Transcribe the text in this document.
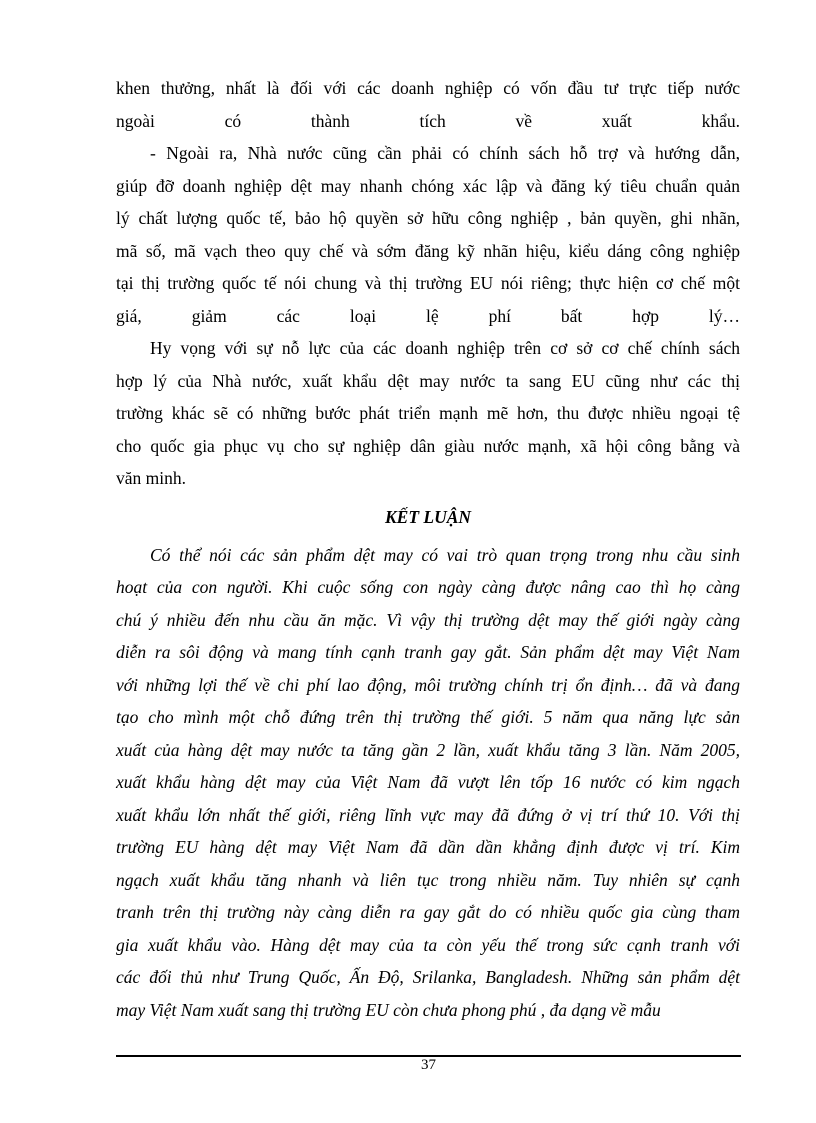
khen thưởng, nhất là đối với các doanh nghiệp có vốn đầu tư trực tiếp nước
ngoài có thành tích về xuất khẩu.
- Ngoài ra, Nhà nước cũng cần phải có chính sách hỗ trợ và hướng dẫn,
giúp đỡ doanh nghiệp dệt may nhanh chóng xác lập và đăng ký tiêu chuẩn quản
lý chất lượng quốc tế, bảo hộ quyền sở hữu công nghiệp , bản quyền, ghi nhãn,
mã số, mã vạch theo quy chế và sớm đăng kỹ nhãn hiệu, kiểu dáng công nghiệp
tại thị trường quốc tế nói chung và thị trường EU nói riêng; thực hiện cơ chế một
giá, giảm các loại lệ phí bất hợp lý…
Hy vọng với sự nỗ lực của các doanh nghiệp trên cơ sở cơ chế chính sách
hợp lý của Nhà nước, xuất khẩu dệt may nước ta sang EU cũng như các thị
trường khác sẽ có những bước phát triển mạnh mẽ hơn, thu được nhiều ngoại tệ
cho quốc gia phục vụ cho sự nghiệp dân giàu nước mạnh, xã hội công bằng và
văn minh.
KẾT LUẬN
Có thể nói các sản phẩm dệt may có vai trò quan trọng trong nhu cầu sinh
hoạt của con người. Khi cuộc sống con ngày càng được nâng cao thì họ càng
chú ý nhiều đến nhu cầu ăn mặc. Vì vậy thị trường dệt may thế giới ngày càng
diễn ra sôi động và mang tính cạnh tranh gay gắt. Sản phẩm dệt may Việt Nam
với những lợi thế về chi phí lao động, môi trường chính trị ổn định… đã và đang
tạo cho mình một chỗ đứng trên thị trường thế giới. 5 năm qua năng lực sản
xuất của hàng dệt may nước ta tăng gần 2 lần, xuất khẩu tăng 3 lần. Năm 2005,
xuất khẩu hàng dệt may của Việt Nam đã vượt lên tốp 16 nước có kim ngạch
xuất khẩu lớn nhất thế giới, riêng lĩnh vực may đã đứng ở vị trí thứ 10. Với thị
trường EU hàng dệt may Việt Nam đã dần dần khẳng định được vị trí. Kim
ngạch xuất khẩu tăng nhanh và liên tục trong nhiều năm. Tuy nhiên sự cạnh
tranh trên thị trường này càng diễn ra gay gắt do có nhiều quốc gia cùng tham
gia xuất khẩu vào. Hàng dệt may của ta còn yếu thế trong sức cạnh tranh với
các đối thủ như Trung Quốc, Ấn Độ, Srilanka, Bangladesh. Những sản phẩm dệt
may Việt Nam xuất sang thị trường EU còn chưa phong phú , đa dạng về mẫu
37
